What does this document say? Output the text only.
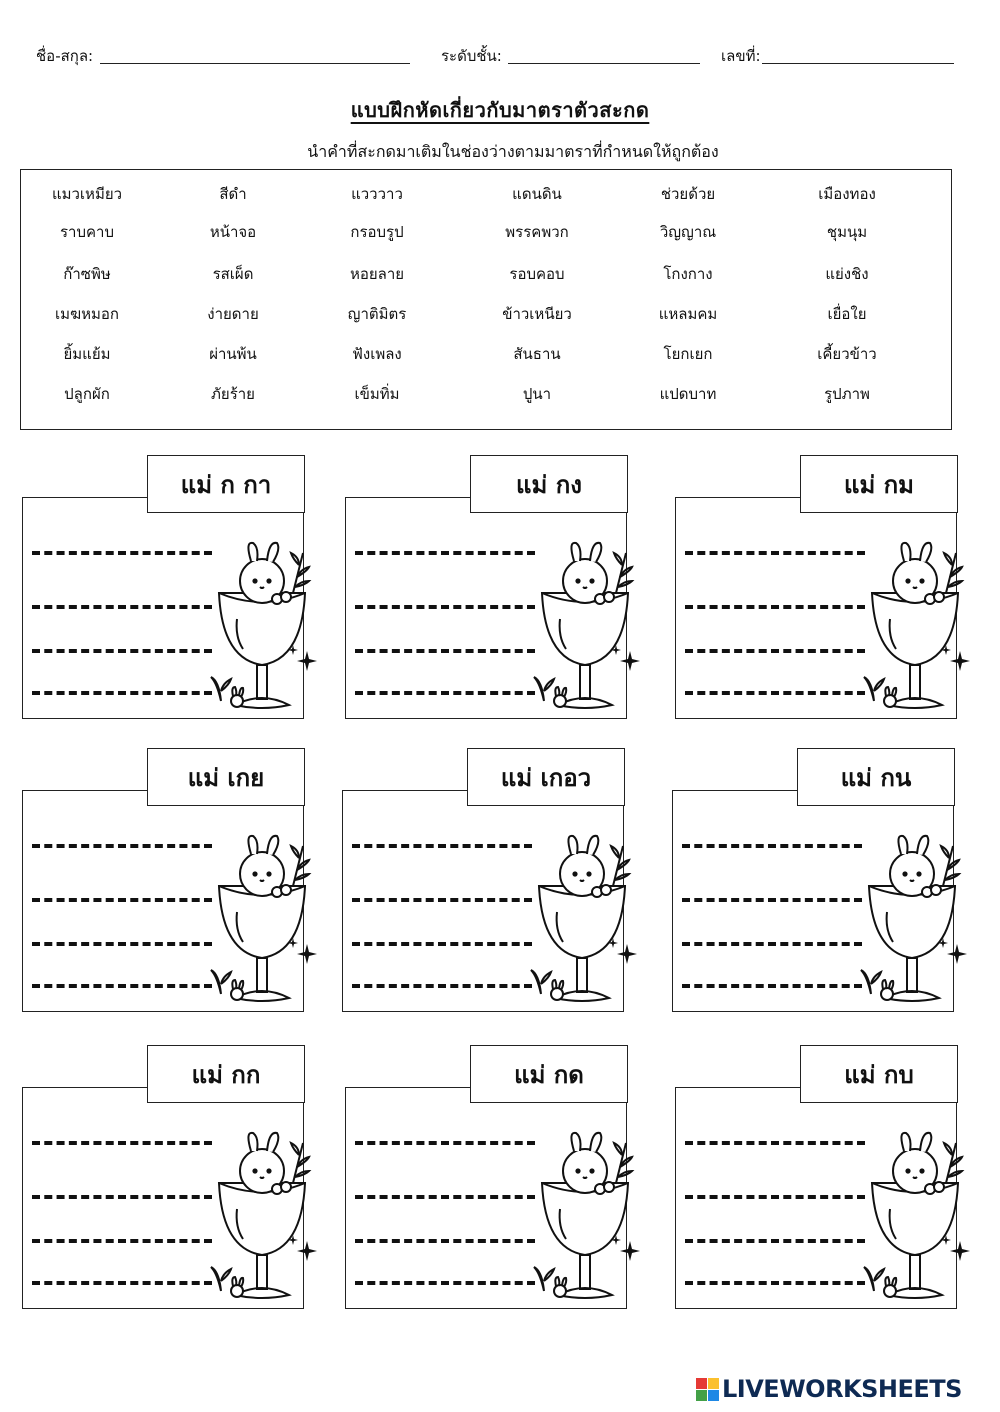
ชื่อ-สกุล:	ระดับชั้น:	เลขที่:
แบบฝึกหัดเกี่ยวกับมาตราตัวสะกด
นำคำที่สะกดมาเติมในช่องว่างตามมาตราที่กำหนดให้ถูกต้อง
แมวเหมียว	สีดำ	แวววาว	แดนดิน	ช่วยด้วย	เมืองทอง
ราบคาบ	หน้าจอ	กรอบรูป	พรรคพวก	วิญญาณ	ชุมนุม
ก๊าซพิษ	รสเผ็ด	หอยลาย	รอบคอบ	โกงกาง	แย่งชิง
เมฆหมอก	ง่ายดาย	ญาติมิตร	ข้าวเหนียว	แหลมคม	เยื่อใย
ยิ้มแย้ม	ผ่านพ้น	ฟังเพลง	สันธาน	โยกเยก	เคี้ยวข้าว
ปลูกผัก	ภัยร้าย	เข็มทิ่ม	ปูนา	แปดบาท	รูปภาพ
แม่ ก กา	แม่ กง	แม่ กม
แม่ เกย	แม่ เกอว	แม่ กน
แม่ กก	แม่ กด	แม่ กบ
LIVEWORKSHEETS
